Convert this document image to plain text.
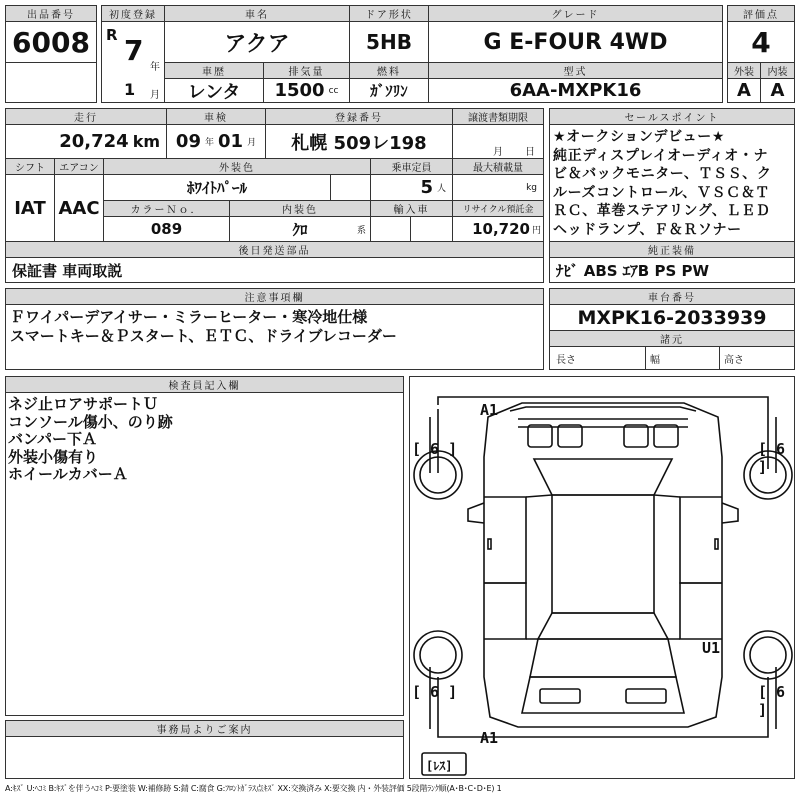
出品番号
6008
初度登録
R 7
年
1 月
車名
アクア
ドア形状
5HB
グレード
G E-FOUR 4WD
評価点
4
車歴
レンタ
排気量
1500 cc
燃料
ｶﾞｿﾘﾝ
型式
6AA-MXPK16
外装	内装
A	A
走行
20,724 km
車検
09 年 01 月
登録番号
札幌 509レ198
譲渡書類期限
月 日
セールスポイント
★オークションデビュー★
純正ディスプレイオーディオ・ナ
ビ＆バックモニター、ＴＳＳ、ク
ルーズコントロール、ＶＳＣ＆Ｔ
ＲＣ、革巻ステアリング、ＬＥＤ
ヘッドランプ、Ｆ＆Ｒソナー
シフト	エアコン
IAT AAC
外装色
ﾎﾜｲﾄﾊﾟｰﾙ
乗車定員
5 人
最大積載量
kg
カラーＮｏ．
089
内装色
ｸﾛ	系
輸入車	リサイクル預託金
10,720 円
後日発送部品
保証書 車両取説
純正装備
ﾅﾋﾞ ABS ｴｱB PS PW
注意事項欄
Ｆワイパーデアイサー・ミラーヒーター・寒冷地仕様
スマートキー＆Ｐスタート、ＥＴＣ、ドライブレコーダー
車台番号
MXPK16-2033939
諸元
長さ	幅	高さ
検査員記入欄
ネジ止ロアサポートＵ
コンソール傷小、のり跡
バンパー下Ａ
外装小傷有り
ホイールカバーＡ
事務局よりご案内
A1
A1
[ 6 ]	[ 6 ]
[ 6 ]	[ 6 ]
U1
[ﾚｽ]
A:ｷｽﾞ U:ﾍｺﾐ B:ｷｽﾞを伴うﾍｺﾐ P:要塗装 W:補修跡 S:錆 C:腐食 G:ﾌﾛﾝﾄｶﾞﾗｽ点ｷｽﾞ XX:交換済み X:要交換 内・外装評価 5段階ﾗﾝｸ順(A･B･C･D･E) 1
